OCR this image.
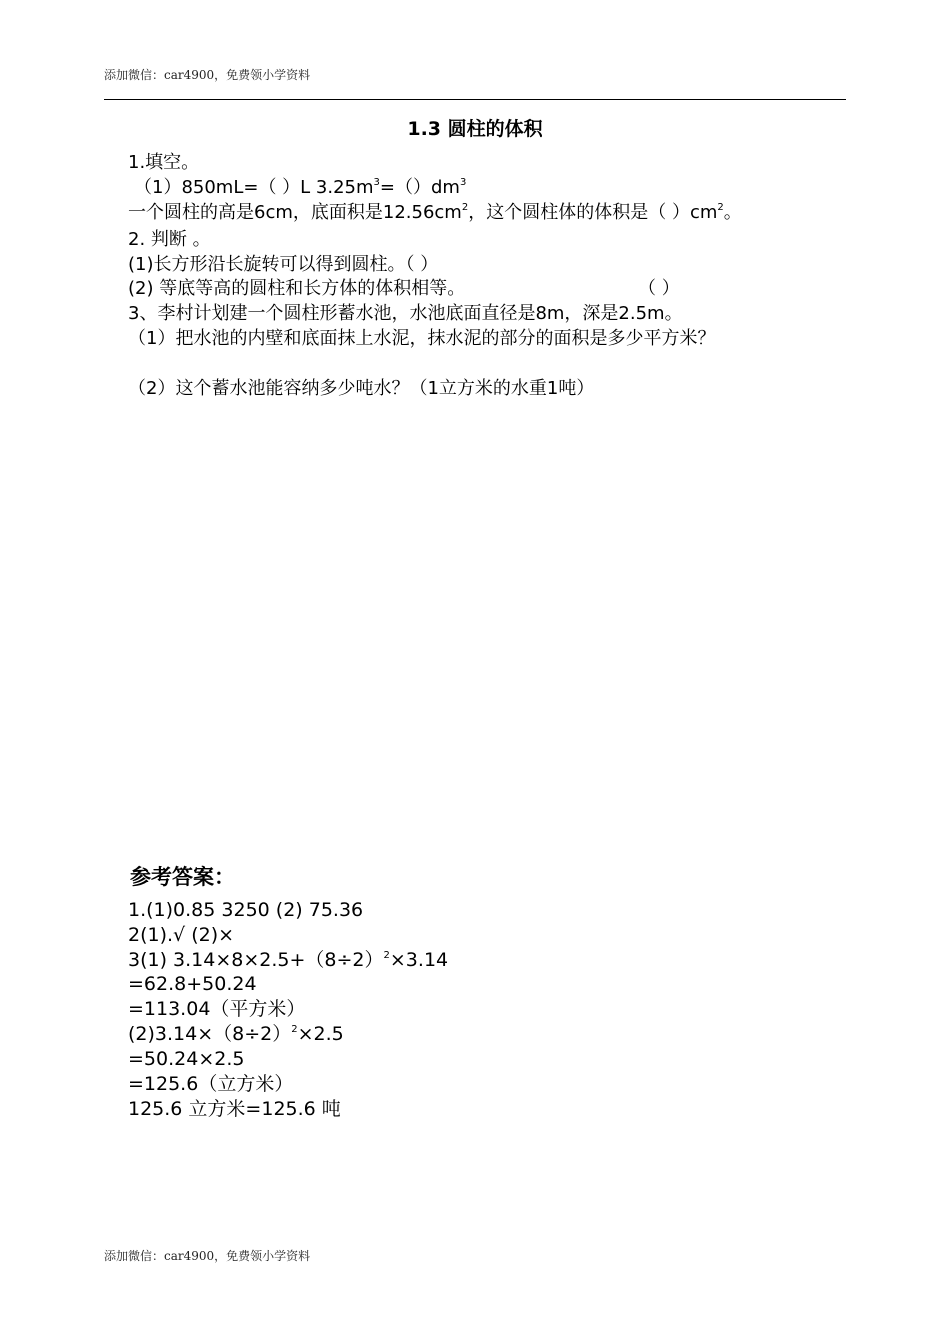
添加微信：car4900，免费领小学资料
1.3 圆柱的体积
1.填空。
（1）850mL=（ ）L $3.25m^3=()dm^3$
一个圆柱的高是6cm，底面积是$12.56cm^2$，这个圆柱体的体积是（ ）$cm^2$。
2. 判断 。
(1)长方形沿长旋转可以得到圆柱。（ ）
(2) 等底等高的圆柱和长方体的体积相等。	（ ）
3、李村计划建一个圆柱形蓄水池，水池底面直径是8m，深是2.5m。
（1）把水池的内壁和底面抹上水泥，抹水泥的部分的面积是多少平方米？
（2）这个蓄水池能容纳多少吨水？（1立方米的水重1吨）
参考答案：
1.(1)0.85 3250 (2) 75.36
2(1).√ (2)×
3(1) $3.14\times 8\times 2.5+(8\div 2)^2\times 3.14$
=62.8+50.24
=113.04（平方米）
$(2)3.14\times(8\div 2)^2\times 2.5$
=50.24×2.5
=125.6（立方米）
125.6 立方米=125.6 吨
添加微信：car4900，免费领小学资料
